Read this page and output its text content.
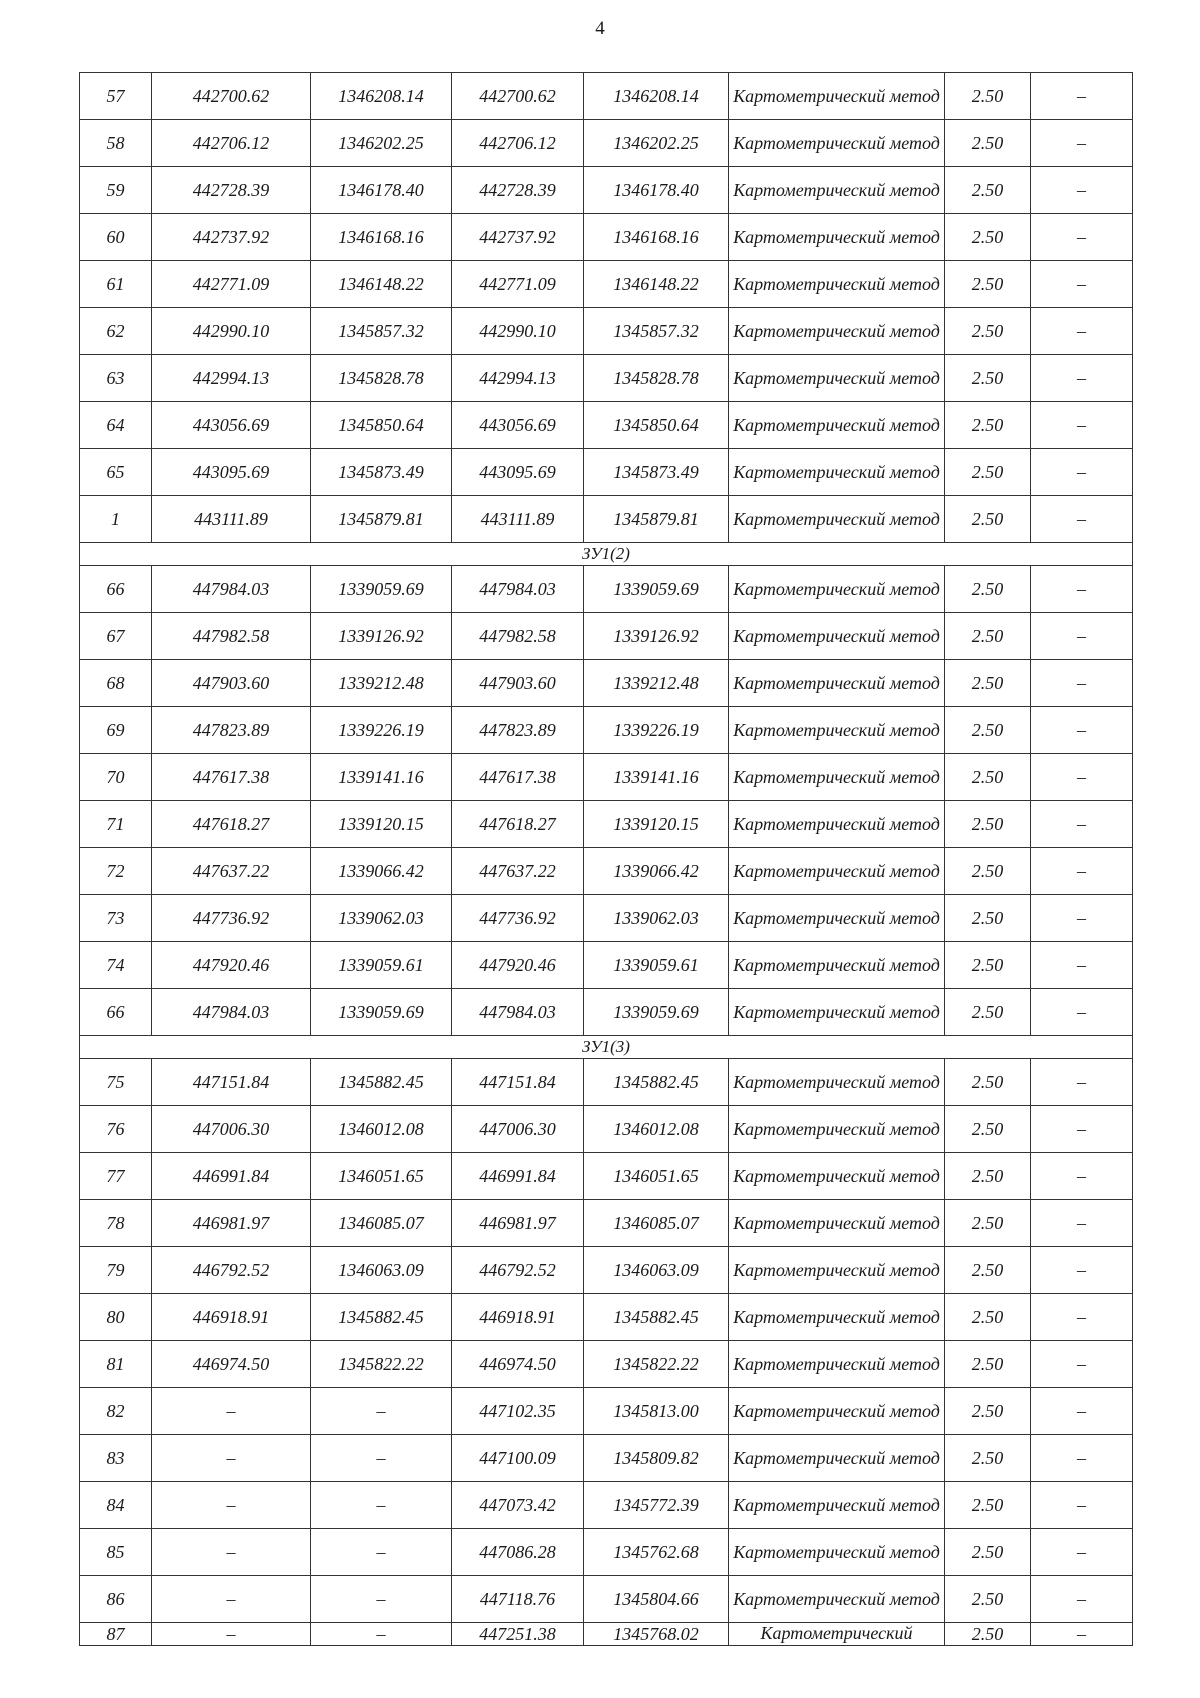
4
57	442700.62	1346208.14	442700.62	1346208.14	Картометрический метод	2.50	–
58	442706.12	1346202.25	442706.12	1346202.25	Картометрический метод	2.50	–
59	442728.39	1346178.40	442728.39	1346178.40	Картометрический метод	2.50	–
60	442737.92	1346168.16	442737.92	1346168.16	Картометрический метод	2.50	–
61	442771.09	1346148.22	442771.09	1346148.22	Картометрический метод	2.50	–
62	442990.10	1345857.32	442990.10	1345857.32	Картометрический метод	2.50	–
63	442994.13	1345828.78	442994.13	1345828.78	Картометрический метод	2.50	–
64	443056.69	1345850.64	443056.69	1345850.64	Картометрический метод	2.50	–
65	443095.69	1345873.49	443095.69	1345873.49	Картометрический метод	2.50	–
1	443111.89	1345879.81	443111.89	1345879.81	Картометрический метод	2.50	–
ЗУ1(2)							
66	447984.03	1339059.69	447984.03	1339059.69	Картометрический метод	2.50	–
67	447982.58	1339126.92	447982.58	1339126.92	Картометрический метод	2.50	–
68	447903.60	1339212.48	447903.60	1339212.48	Картометрический метод	2.50	–
69	447823.89	1339226.19	447823.89	1339226.19	Картометрический метод	2.50	–
70	447617.38	1339141.16	447617.38	1339141.16	Картометрический метод	2.50	–
71	447618.27	1339120.15	447618.27	1339120.15	Картометрический метод	2.50	–
72	447637.22	1339066.42	447637.22	1339066.42	Картометрический метод	2.50	–
73	447736.92	1339062.03	447736.92	1339062.03	Картометрический метод	2.50	–
74	447920.46	1339059.61	447920.46	1339059.61	Картометрический метод	2.50	–
66	447984.03	1339059.69	447984.03	1339059.69	Картометрический метод	2.50	–
ЗУ1(3)							
75	447151.84	1345882.45	447151.84	1345882.45	Картометрический метод	2.50	–
76	447006.30	1346012.08	447006.30	1346012.08	Картометрический метод	2.50	–
77	446991.84	1346051.65	446991.84	1346051.65	Картометрический метод	2.50	–
78	446981.97	1346085.07	446981.97	1346085.07	Картометрический метод	2.50	–
79	446792.52	1346063.09	446792.52	1346063.09	Картометрический метод	2.50	–
80	446918.91	1345882.45	446918.91	1345882.45	Картометрический метод	2.50	–
81	446974.50	1345822.22	446974.50	1345822.22	Картометрический метод	2.50	–
82	–	–	447102.35	1345813.00	Картометрический метод	2.50	–
83	–	–	447100.09	1345809.82	Картометрический метод	2.50	–
84	–	–	447073.42	1345772.39	Картометрический метод	2.50	–
85	–	–	447086.28	1345762.68	Картометрический метод	2.50	–
86	–	–	447118.76	1345804.66	Картометрический метод	2.50	–
87	–	–	447251.38	1345768.02	Картометрический	2.50	–
